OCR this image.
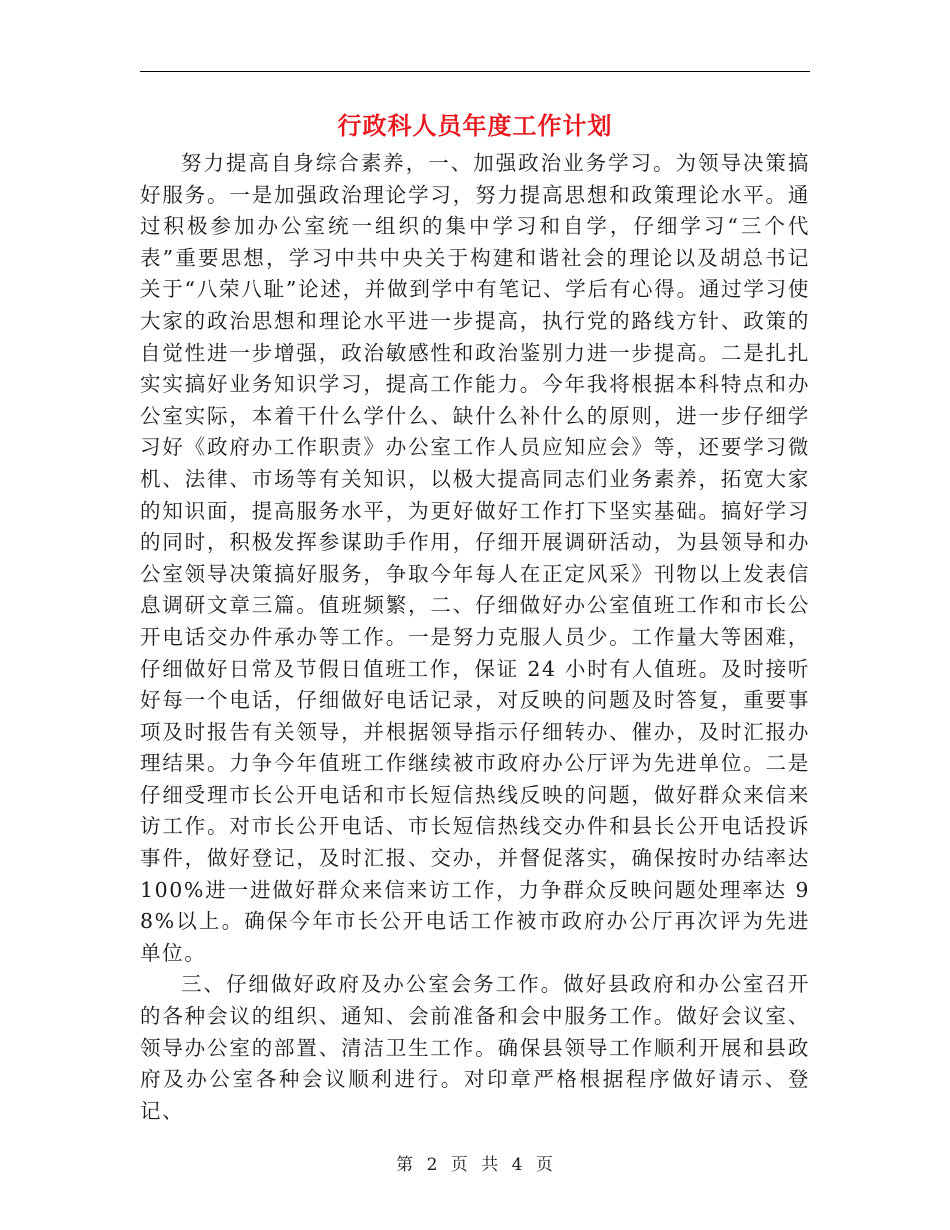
行政科人员年度工作计划

努力提高自身综合素养，一、加强政治业务学习。为领导决策搞好服务。一是加强政治理论学习，努力提高思想和政策理论水平。通过积极参加办公室统一组织的集中学习和自学，仔细学习“三个代表”重要思想，学习中共中央关于构建和谐社会的理论以及胡总书记关于“八荣八耻”论述，并做到学中有笔记、学后有心得。通过学习使大家的政治思想和理论水平进一步提高，执行党的路线方针、政策的自觉性进一步增强，政治敏感性和政治鉴别力进一步提高。二是扎扎实实搞好业务知识学习，提高工作能力。今年我将根据本科特点和办公室实际，本着干什么学什么、缺什么补什么的原则，进一步仔细学习好《政府办工作职责》办公室工作人员应知应会》等，还要学习微机、法律、市场等有关知识，以极大提高同志们业务素养，拓宽大家的知识面，提高服务水平，为更好做好工作打下坚实基础。搞好学习的同时，积极发挥参谋助手作用，仔细开展调研活动，为县领导和办公室领导决策搞好服务，争取今年每人在正定风采》刊物以上发表信息调研文章三篇。值班频繁，二、仔细做好办公室值班工作和市长公开电话交办件承办等工作。一是努力克服人员少。工作量大等困难，仔细做好日常及节假日值班工作，保证 24 小时有人值班。及时接听好每一个电话，仔细做好电话记录，对反映的问题及时答复，重要事项及时报告有关领导，并根据领导指示仔细转办、催办，及时汇报办理结果。力争今年值班工作继续被市政府办公厅评为先进单位。二是仔细受理市长公开电话和市长短信热线反映的问题，做好群众来信来访工作。对市长公开电话、市长短信热线交办件和县长公开电话投诉事件，做好登记，及时汇报、交办，并督促落实，确保按时办结率达100%进一进做好群众来信来访工作，力争群众反映问题处理率达 98%以上。确保今年市长公开电话工作被市政府办公厅再次评为先进单位。

三、仔细做好政府及办公室会务工作。做好县政府和办公室召开的各种会议的组织、通知、会前准备和会中服务工作。做好会议室、领导办公室的部置、清洁卫生工作。确保县领导工作顺利开展和县政府及办公室各种会议顺利进行。对印章严格根据程序做好请示、登记、

第 2 页 共 4 页
